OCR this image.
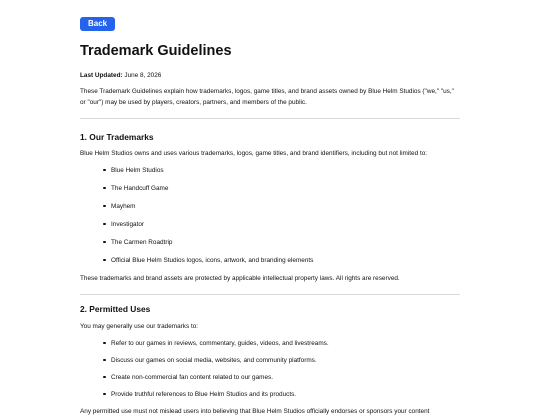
Back
Trademark Guidelines
Last Updated: June 8, 2026

These Trademark Guidelines explain how trademarks, logos, game titles, and brand assets owned by Blue Helm Studios ("we," "us," or "our") may be used by players, creators, partners, and members of the public.

1. Our Trademarks

Blue Helm Studios owns and uses various trademarks, logos, game titles, and brand identifiers, including but not limited to:

Blue Helm Studios
The Handcuff Game
Mayhem
Investigator
The Carmen Roadtrip
Official Blue Helm Studios logos, icons, artwork, and branding elements

These trademarks and brand assets are protected by applicable intellectual property laws. All rights are reserved.

2. Permitted Uses

You may generally use our trademarks to:

Refer to our games in reviews, commentary, guides, videos, and livestreams.
Discuss our games on social media, websites, and community platforms.
Create non-commercial fan content related to our games.
Provide truthful references to Blue Helm Studios and its products.

Any permitted use must not mislead users into believing that Blue Helm Studios officially endorses or sponsors your content
